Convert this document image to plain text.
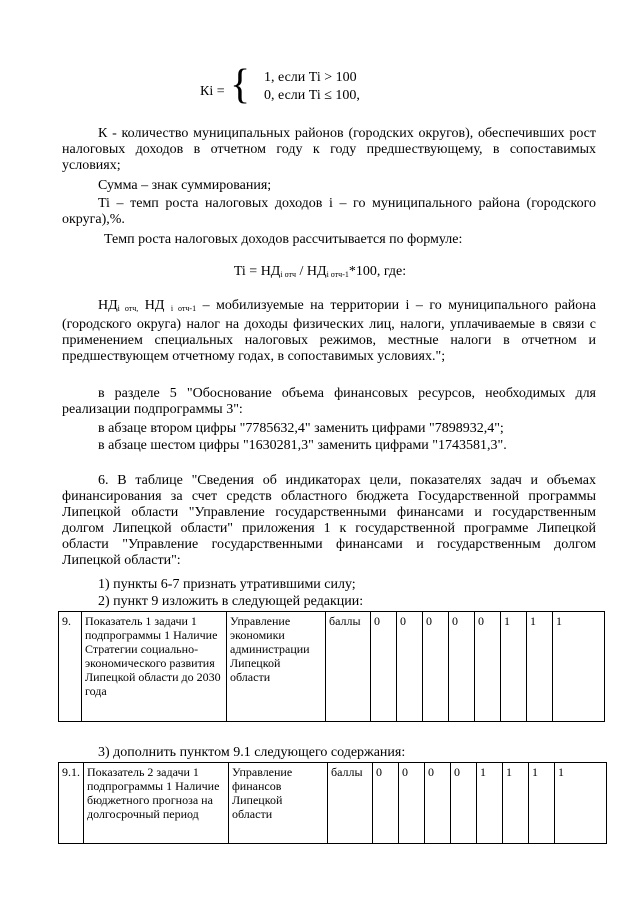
Кi = { 1, если Ti > 100
0, если Ti ≤ 100,
К - количество муниципальных районов (городских округов), обеспечивших рост налоговых доходов в отчетном году к году предшествующему, в сопоставимых условиях;
Сумма – знак суммирования;
Ti – темп роста налоговых доходов i – го муниципального района (городского округа),%.
Темп роста налоговых доходов рассчитывается по формуле:
$Ti = НД_{i отч} / НД_{i отч-1}*100$, где:
$НД_{i отч,}$ НД $_{i отч-1}$ – мобилизуемые на территории i – го муниципального района (городского округа) налог на доходы физических лиц, налоги, уплачиваемые в связи с применением специальных налоговых режимов, местные налоги в отчетном и предшествующем отчетному годах, в сопоставимых условиях.";
в разделе 5 "Обоснование объема финансовых ресурсов, необходимых для реализации подпрограммы 3":
в абзаце втором цифры "7785632,4" заменить цифрами "7898932,4";
в абзаце шестом цифры "1630281,3" заменить цифрами "1743581,3".
6. В таблице "Сведения об индикаторах цели, показателях задач и объемах финансирования за счет средств областного бюджета Государственной программы Липецкой области "Управление государственными финансами и государственным долгом Липецкой области" приложения 1 к государственной программе Липецкой области "Управление государственными финансами и государственным долгом Липецкой области":
1) пункты 6-7 признать утратившими силу;
2) пункт 9 изложить в следующей редакции:
9.	Показатель 1 задачи 1 подпрограммы 1 Наличие Стратегии социально-экономического развития Липецкой области до 2030 года	Управление экономики администрации Липецкой области	баллы	0	0	0	0	0	1	1	1
3) дополнить пунктом 9.1 следующего содержания:
9.1.	Показатель 2 задачи 1 подпрограммы 1 Наличие бюджетного прогноза на долгосрочный период	Управление финансов Липецкой области	баллы	0	0	0	0	1	1	1	1
